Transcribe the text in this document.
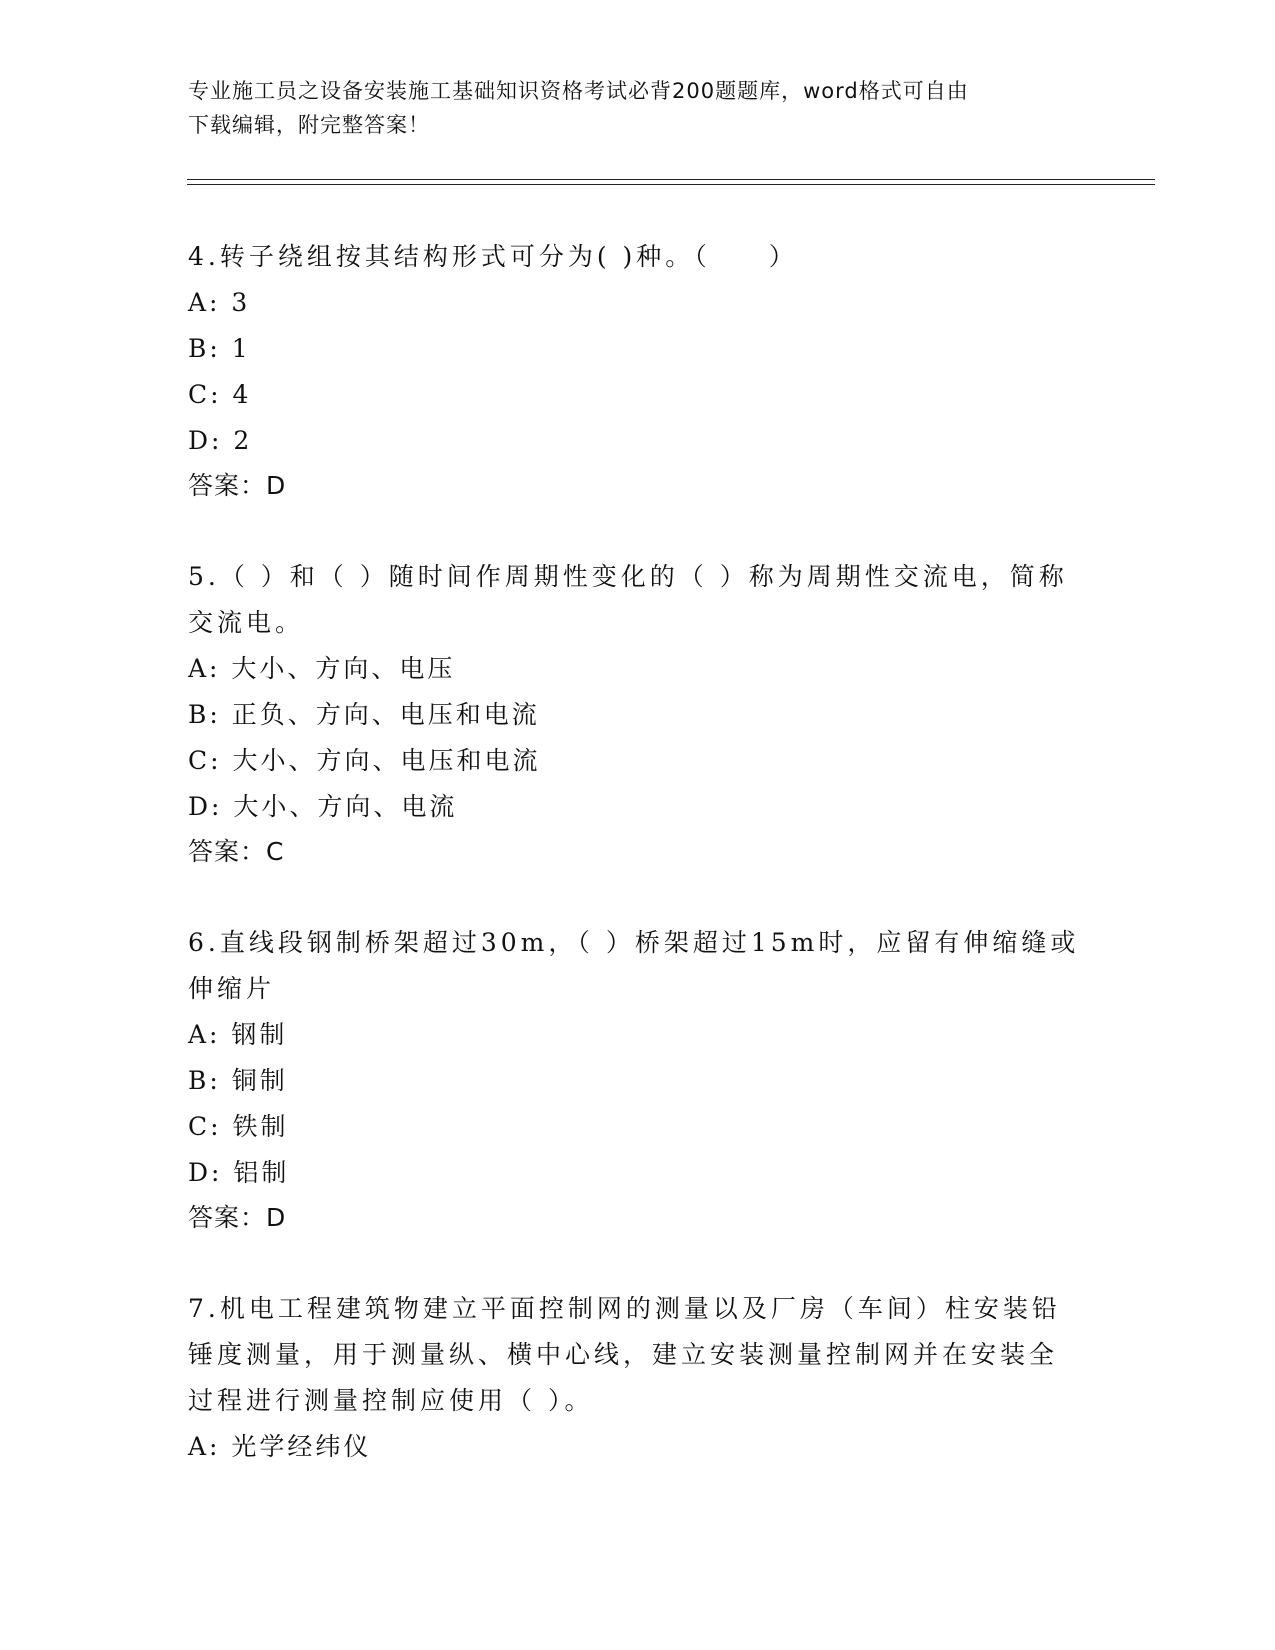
专业施工员之设备安装施工基础知识资格考试必背200题题库，word格式可自由
下载编辑，附完整答案！
4.转子绕组按其结构形式可分为( )种。（　　）
A: 3
B: 1
C: 4
D: 2
答案：D
5.（ ）和（ ）随时间作周期性变化的（ ）称为周期性交流电，简称
交流电。
A: 大小、方向、电压
B: 正负、方向、电压和电流
C: 大小、方向、电压和电流
D: 大小、方向、电流
答案：C
6.直线段钢制桥架超过30m，（ ）桥架超过15m时，应留有伸缩缝或
伸缩片
A: 钢制
B: 铜制
C: 铁制
D: 铝制
答案：D
7.机电工程建筑物建立平面控制网的测量以及厂房（车间）柱安装铅
锤度测量，用于测量纵、横中心线，建立安装测量控制网并在安装全
过程进行测量控制应使用（ ）。
A: 光学经纬仪
